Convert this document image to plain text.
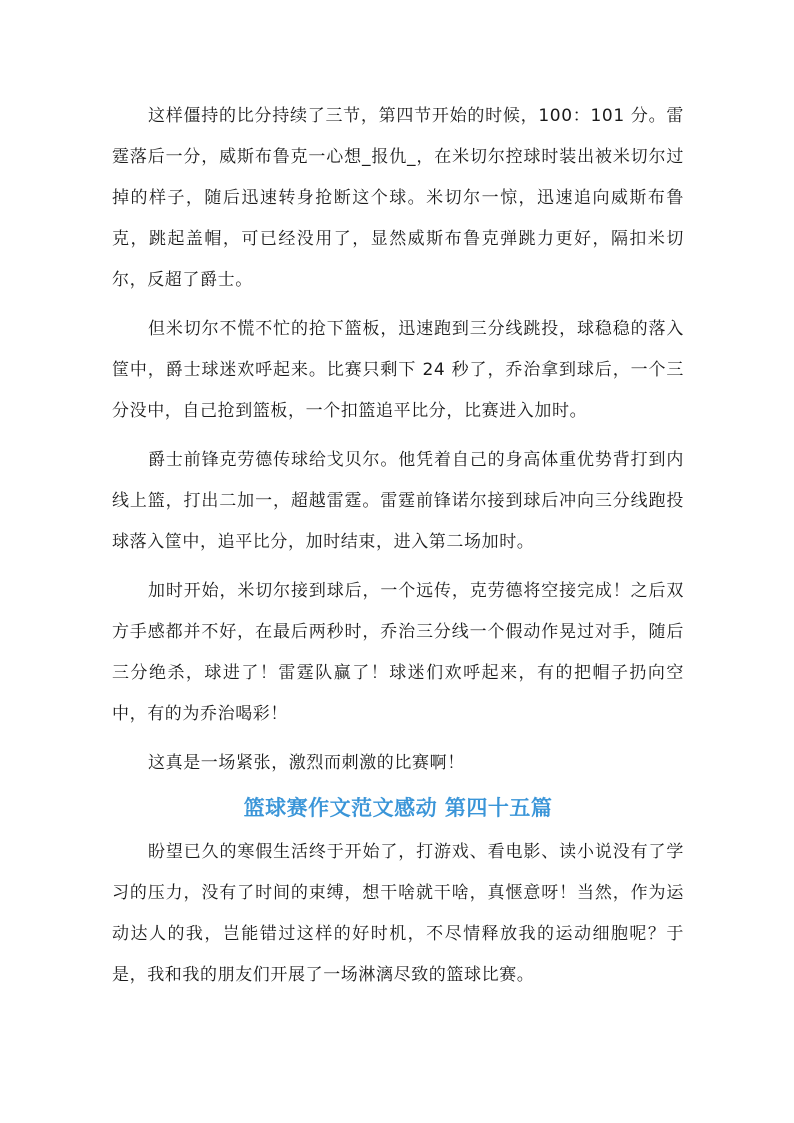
这样僵持的比分持续了三节，第四节开始的时候，100：101 分。雷霆落后一分，威斯布鲁克一心想_报仇_，在米切尔控球时装出被米切尔过掉的样子，随后迅速转身抢断这个球。米切尔一惊，迅速追向威斯布鲁克，跳起盖帽，可已经没用了，显然威斯布鲁克弹跳力更好，隔扣米切尔，反超了爵士。

但米切尔不慌不忙的抢下篮板，迅速跑到三分线跳投，球稳稳的落入筐中，爵士球迷欢呼起来。比赛只剩下 24 秒了，乔治拿到球后，一个三分没中，自己抢到篮板，一个扣篮追平比分，比赛进入加时。

爵士前锋克劳德传球给戈贝尔。他凭着自己的身高体重优势背打到内线上篮，打出二加一，超越雷霆。雷霆前锋诺尔接到球后冲向三分线跑投球落入筐中，追平比分，加时结束，进入第二场加时。

加时开始，米切尔接到球后，一个远传，克劳德将空接完成！之后双方手感都并不好，在最后两秒时，乔治三分线一个假动作晃过对手，随后三分绝杀，球进了！雷霆队赢了！球迷们欢呼起来，有的把帽子扔向空中，有的为乔治喝彩！

这真是一场紧张，激烈而刺激的比赛啊！

篮球赛作文范文感动 第四十五篇

盼望已久的寒假生活终于开始了，打游戏、看电影、读小说没有了学习的压力，没有了时间的束缚，想干啥就干啥，真惬意呀！当然，作为运动达人的我，岂能错过这样的好时机，不尽情释放我的运动细胞呢？于是，我和我的朋友们开展了一场淋漓尽致的篮球比赛。
